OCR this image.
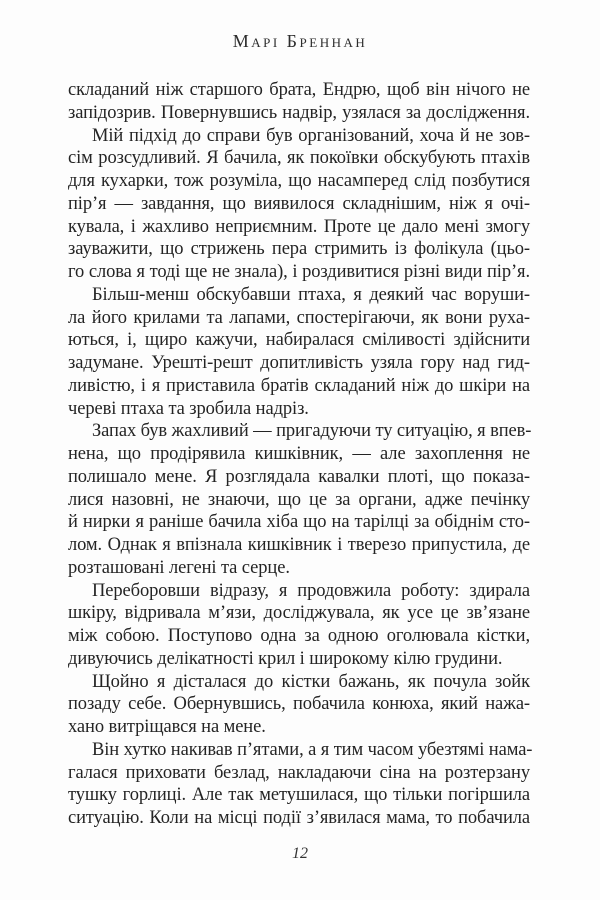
Марі Бреннан
складаний ніж старшого брата, Ендрю, щоб він нічого не
запідозрив. Повернувшись надвір, узялася за дослідження.
Мій підхід до справи був організований, хоча й не зов-
сім розсудливий. Я бачила, як покоївки обскубують птахів
для кухарки, тож розуміла, що насамперед слід позбутися
пір’я — завдання, що виявилося складнішим, ніж я очі-
кувала, і жахливо неприємним. Проте це дало мені змогу
зауважити, що стрижень пера стримить із фолікула (цьо-
го слова я тоді ще не знала), і роздивитися різні види пір’я.
Більш-менш обскубавши птаха, я деякий час воруши-
ла його крилами та лапами, спостерігаючи, як вони руха-
ються, і, щиро кажучи, набиралася сміливості здійснити
задумане. Урешті-решт допитливість узяла гору над гид-
ливістю, і я приставила братів складаний ніж до шкіри на
череві птаха та зробила надріз.
Запах був жахливий — пригадуючи ту ситуацію, я впев-
нена, що продірявила кишківник, — але захоплення не
полишало мене. Я розглядала кавалки плоті, що показа-
лися назовні, не знаючи, що це за органи, адже печінку
й нирки я раніше бачила хіба що на тарілці за обіднім сто-
лом. Однак я впізнала кишківник і тверезо припустила, де
розташовані легені та серце.
Переборовши відразу, я продовжила роботу: здирала
шкіру, відривала м’язи, досліджувала, як усе це зв’язане
між собою. Поступово одна за одною оголювала кістки,
дивуючись делікатності крил і широкому кілю грудини.
Щойно я дісталася до кістки бажань, як почула зойк
позаду себе. Обернувшись, побачила конюха, який нажа-
хано витріщався на мене.
Він хутко накивав п’ятами, а я тим часом убезтямі нама-
галася приховати безлад, накладаючи сіна на розтерзану
тушку горлиці. Але так метушилася, що тільки погіршила
ситуацію. Коли на місці події з’явилася мама, то побачила
12
